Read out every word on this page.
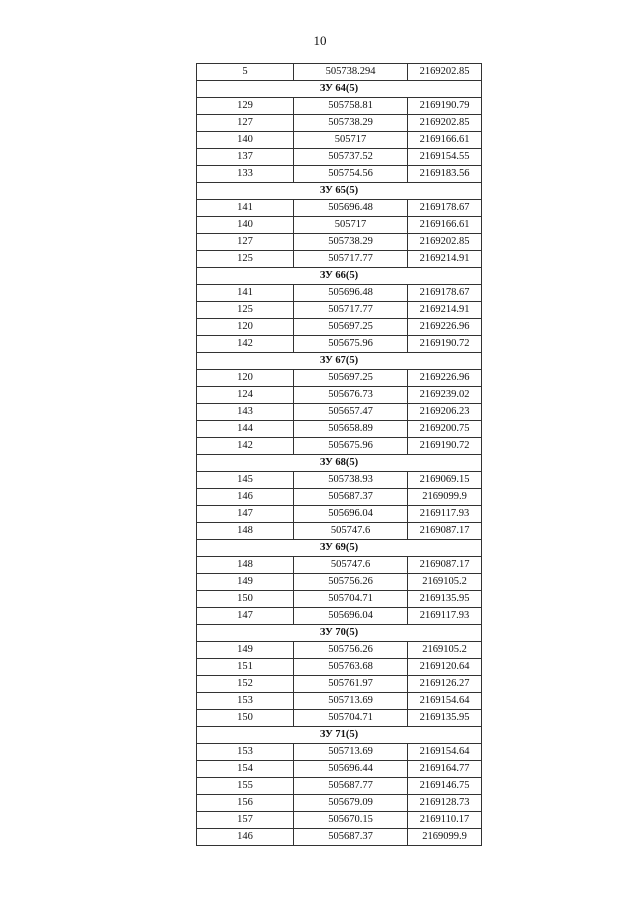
10
5	505738.294	2169202.85
ЗУ 64(5)		
129	505758.81	2169190.79
127	505738.29	2169202.85
140	505717	2169166.61
137	505737.52	2169154.55
133	505754.56	2169183.56
ЗУ 65(5)		
141	505696.48	2169178.67
140	505717	2169166.61
127	505738.29	2169202.85
125	505717.77	2169214.91
ЗУ 66(5)		
141	505696.48	2169178.67
125	505717.77	2169214.91
120	505697.25	2169226.96
142	505675.96	2169190.72
ЗУ 67(5)		
120	505697.25	2169226.96
124	505676.73	2169239.02
143	505657.47	2169206.23
144	505658.89	2169200.75
142	505675.96	2169190.72
ЗУ 68(5)		
145	505738.93	2169069.15
146	505687.37	2169099.9
147	505696.04	2169117.93
148	505747.6	2169087.17
ЗУ 69(5)		
148	505747.6	2169087.17
149	505756.26	2169105.2
150	505704.71	2169135.95
147	505696.04	2169117.93
ЗУ 70(5)		
149	505756.26	2169105.2
151	505763.68	2169120.64
152	505761.97	2169126.27
153	505713.69	2169154.64
150	505704.71	2169135.95
ЗУ 71(5)		
153	505713.69	2169154.64
154	505696.44	2169164.77
155	505687.77	2169146.75
156	505679.09	2169128.73
157	505670.15	2169110.17
146	505687.37	2169099.9
